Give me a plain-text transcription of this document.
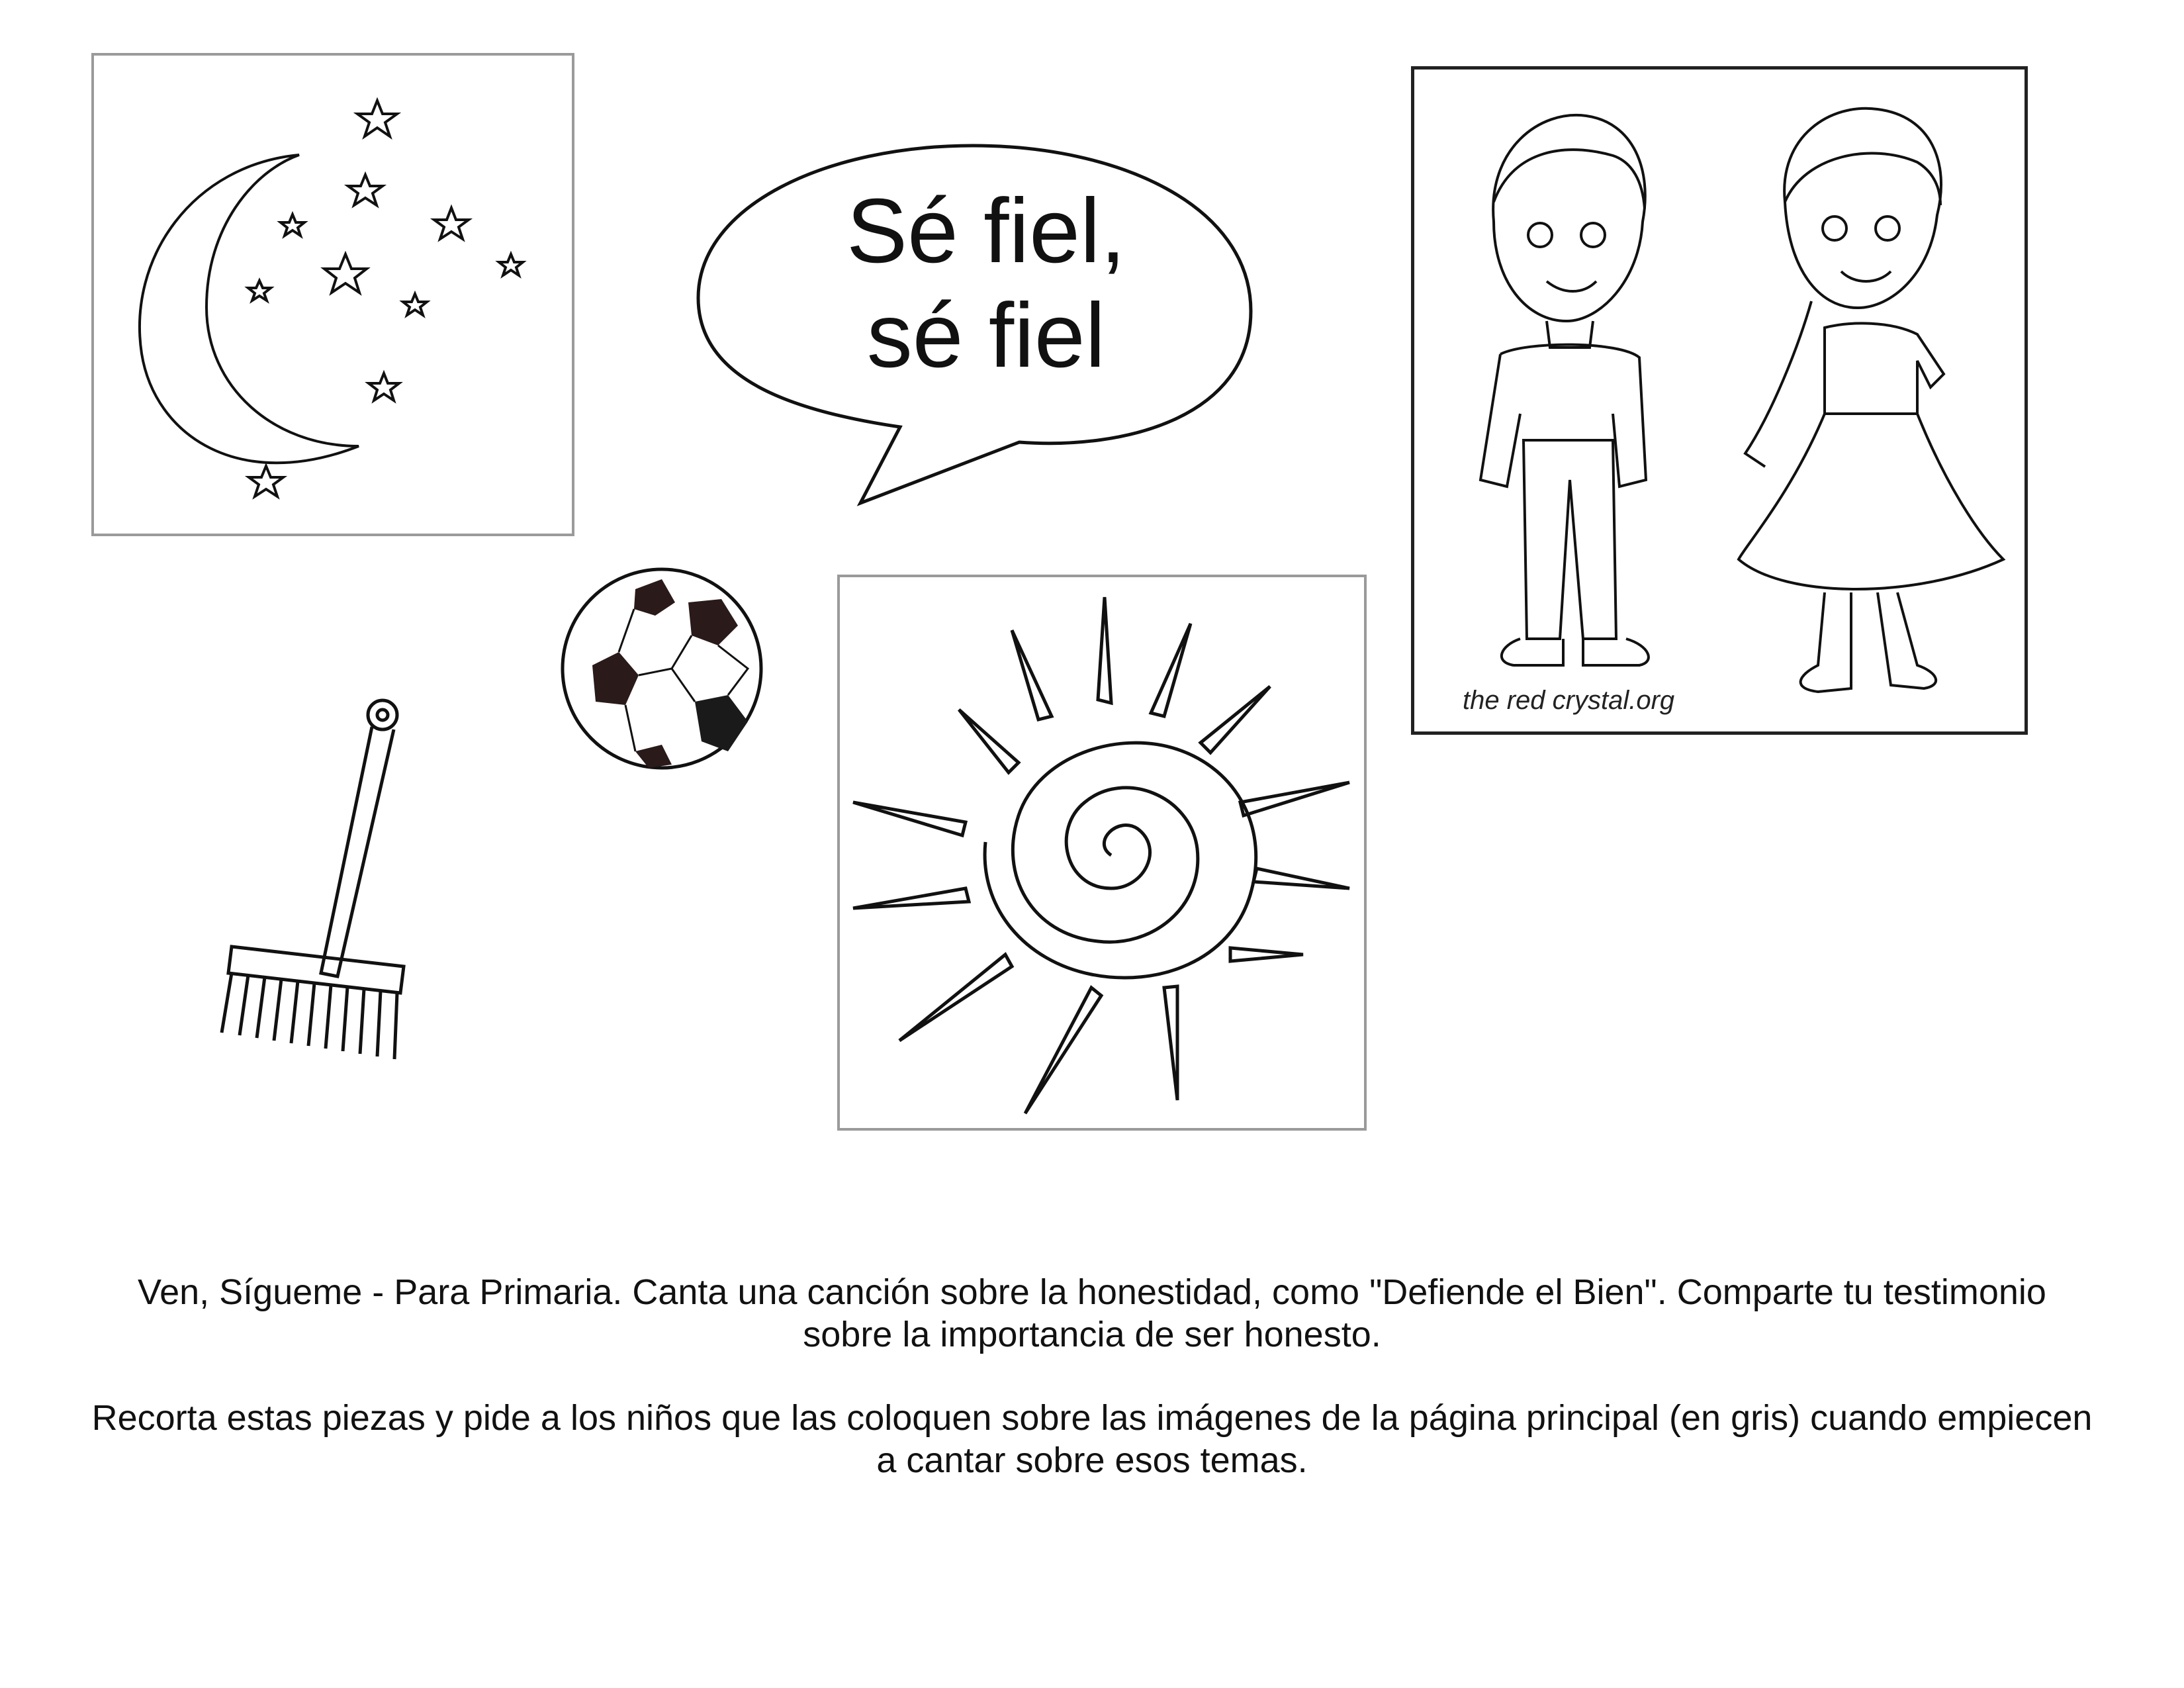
Sé fiel,
sé fiel
the red crystal.org
Ven, Sígueme - Para Primaria. Canta una canción sobre la honestidad, como "Defiende el Bien". Comparte tu testimonio sobre la importancia de ser honesto.
Recorta estas piezas y pide a los niños que las coloquen sobre las imágenes de la página principal (en gris) cuando empiecen a cantar sobre esos temas.
